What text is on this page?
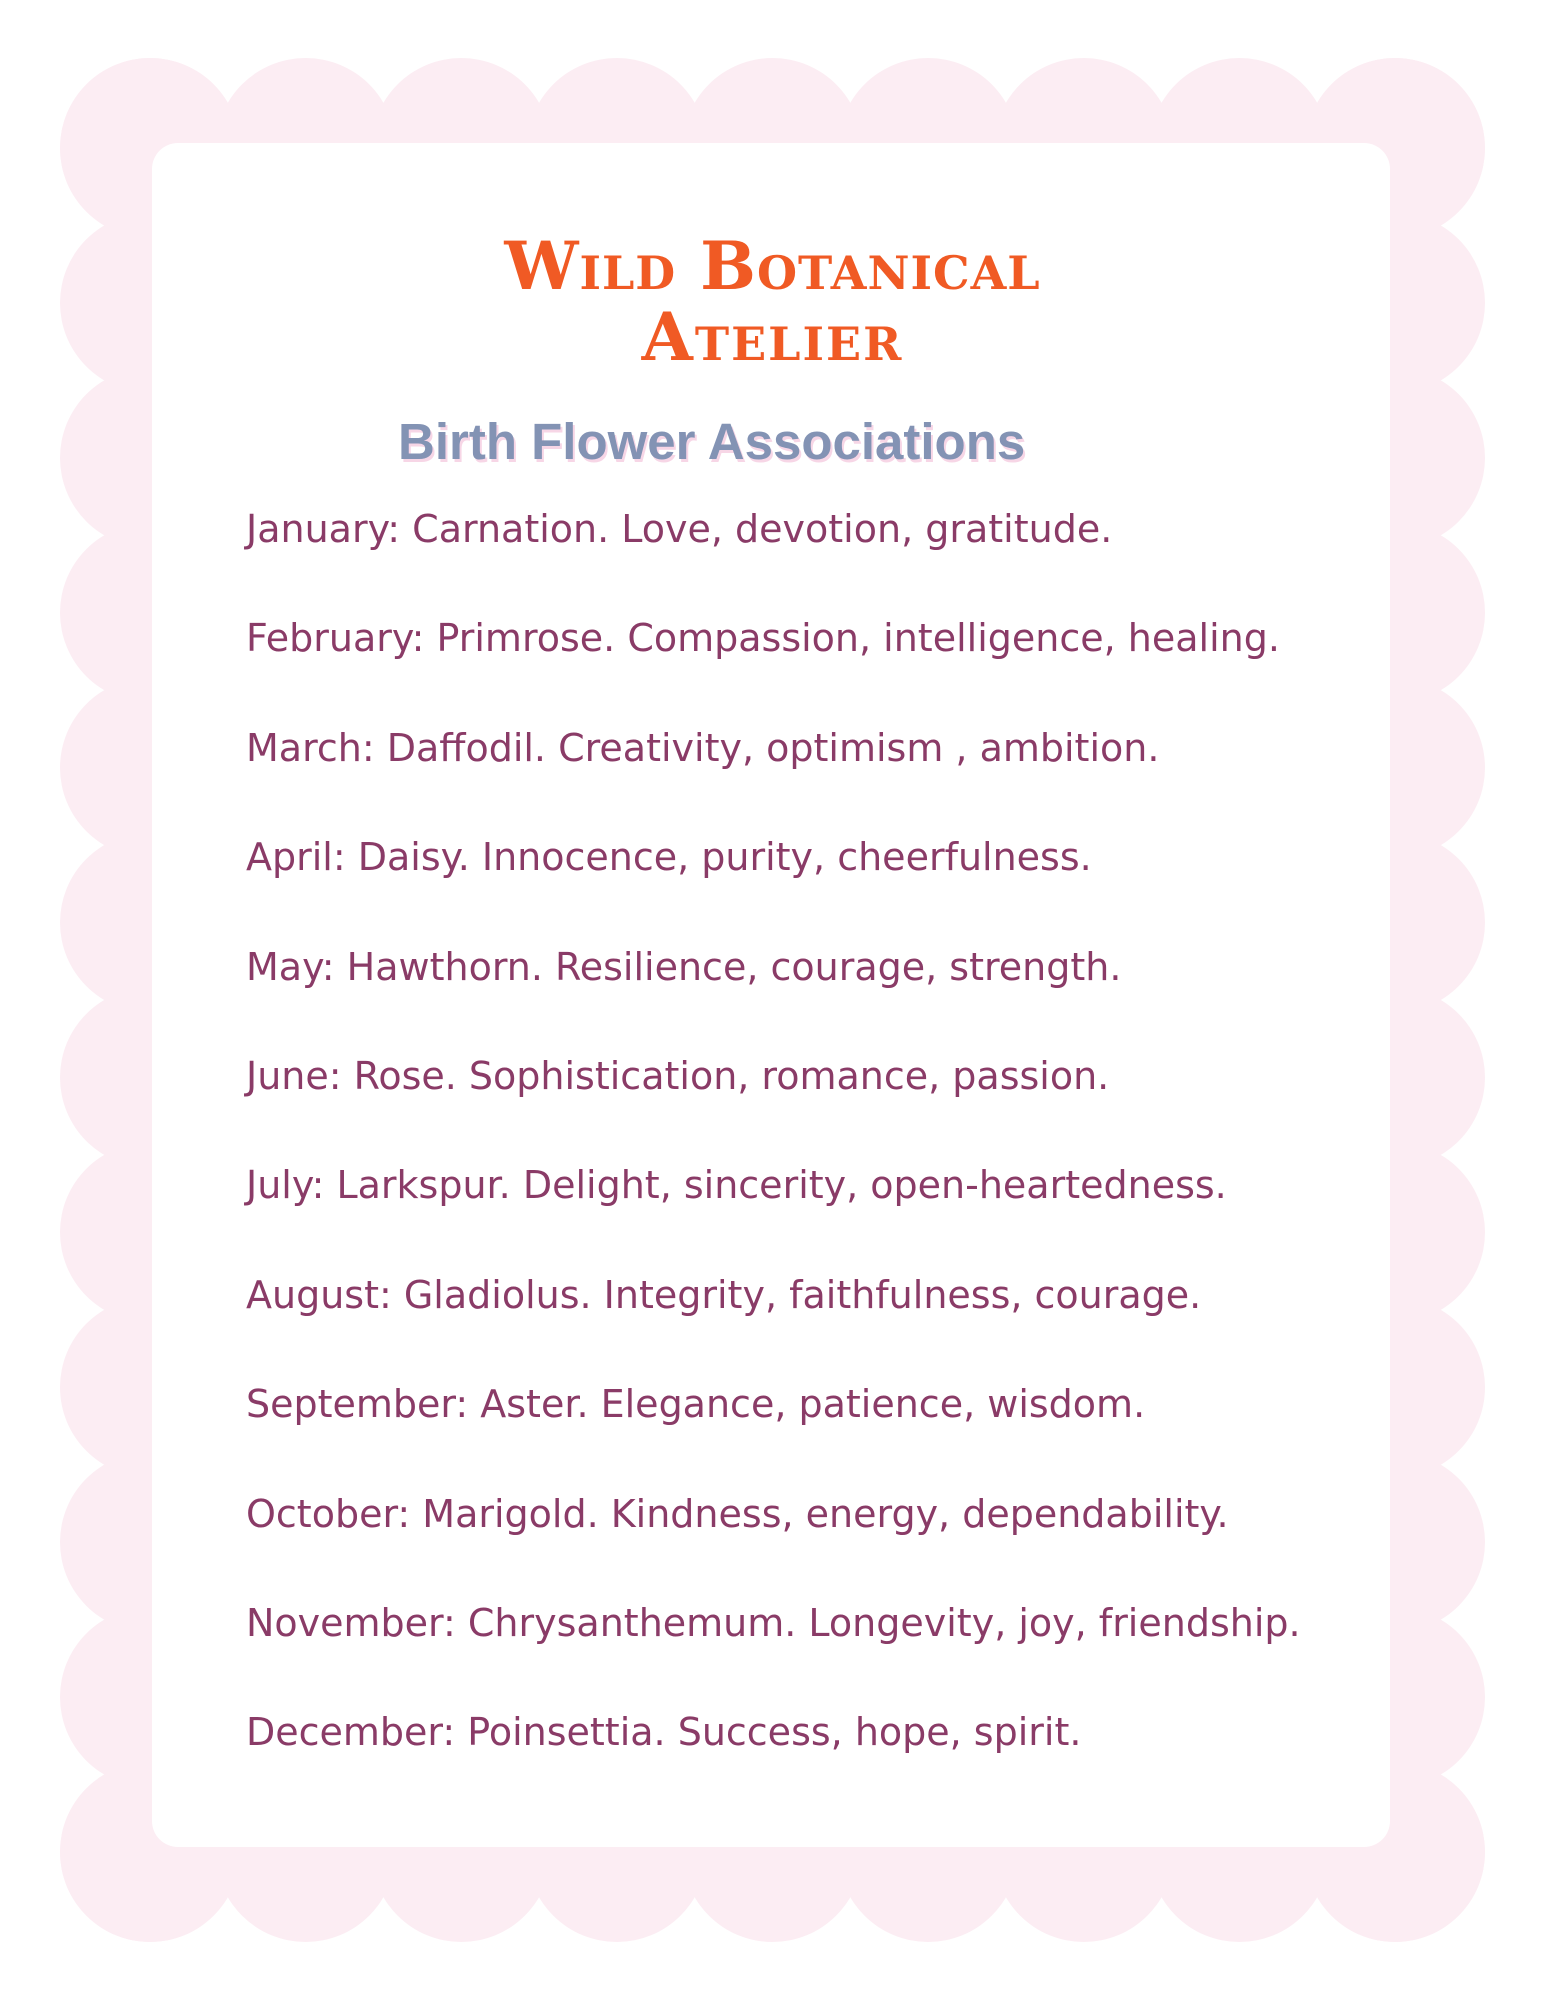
Wild Botanical
Atelier
Birth Flower Associations
January: Carnation. Love, devotion, gratitude.
February: Primrose. Compassion, intelligence, healing.
March: Daffodil. Creativity, optimism , ambition.
April: Daisy. Innocence, purity, cheerfulness.
May: Hawthorn. Resilience, courage, strength.
June: Rose. Sophistication, romance, passion.
July: Larkspur. Delight, sincerity, open-heartedness.
August: Gladiolus. Integrity, faithfulness, courage.
September: Aster. Elegance, patience, wisdom.
October: Marigold. Kindness, energy, dependability.
November: Chrysanthemum. Longevity, joy, friendship.
December: Poinsettia. Success, hope, spirit.
